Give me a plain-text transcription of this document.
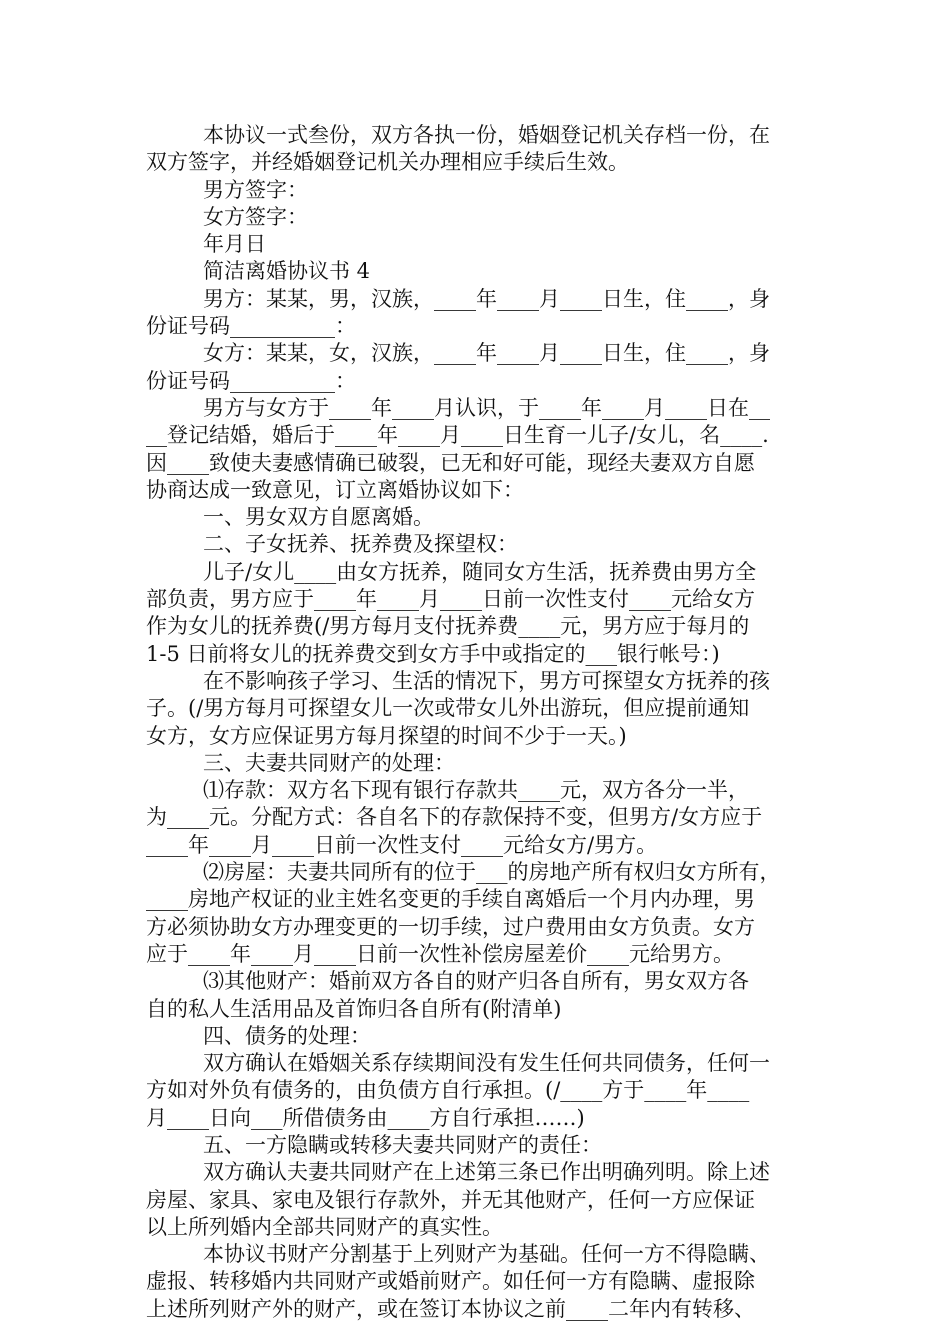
本协议一式叁份，双方各执一份，婚姻登记机关存档一份，在
双方签字，并经婚姻登记机关办理相应手续后生效。
男方签字：
女方签字：
年月日
简洁离婚协议书 4
男方：某某，男，汉族，____年____月____日生，住____，身
份证号码__________：
女方：某某，女，汉族，____年____月____日生，住____，身
份证号码__________：
男方与女方于____年____月认识，于____年____月____日在__
__登记结婚，婚后于____年____月____日生育一儿子/女儿，名____.
因____致使夫妻感情确已破裂，已无和好可能，现经夫妻双方自愿
协商达成一致意见，订立离婚协议如下：
一、男女双方自愿离婚。
二、子女抚养、抚养费及探望权：
儿子/女儿____由女方抚养，随同女方生活，抚养费由男方全
部负责，男方应于____年____月____日前一次性支付____元给女方
作为女儿的抚养费(/男方每月支付抚养费____元，男方应于每月的
1-5 日前将女儿的抚养费交到女方手中或指定的___银行帐号：)
在不影响孩子学习、生活的情况下，男方可探望女方抚养的孩
子。(/男方每月可探望女儿一次或带女儿外出游玩，但应提前通知
女方，女方应保证男方每月探望的时间不少于一天。)
三、夫妻共同财产的处理：
⑴存款：双方名下现有银行存款共____元，双方各分一半，
为____元。分配方式：各自名下的存款保持不变，但男方/女方应于
____年____月____日前一次性支付____元给女方/男方。
⑵房屋：夫妻共同所有的位于___的房地产所有权归女方所有，
____房地产权证的业主姓名变更的手续自离婚后一个月内办理，男
方必须协助女方办理变更的一切手续，过户费用由女方负责。女方
应于____年____月____日前一次性补偿房屋差价____元给男方。
⑶其他财产：婚前双方各自的财产归各自所有，男女双方各
自的私人生活用品及首饰归各自所有(附清单)
四、债务的处理：
双方确认在婚姻关系存续期间没有发生任何共同债务，任何一
方如对外负有债务的，由负债方自行承担。(/____方于____年____
月____日向___所借债务由____方自行承担……)
五、一方隐瞒或转移夫妻共同财产的责任：
双方确认夫妻共同财产在上述第三条已作出明确列明。除上述
房屋、家具、家电及银行存款外，并无其他财产，任何一方应保证
以上所列婚内全部共同财产的真实性。
本协议书财产分割基于上列财产为基础。任何一方不得隐瞒、
虚报、转移婚内共同财产或婚前财产。如任何一方有隐瞒、虚报除
上述所列财产外的财产，或在签订本协议之前____二年内有转移、
